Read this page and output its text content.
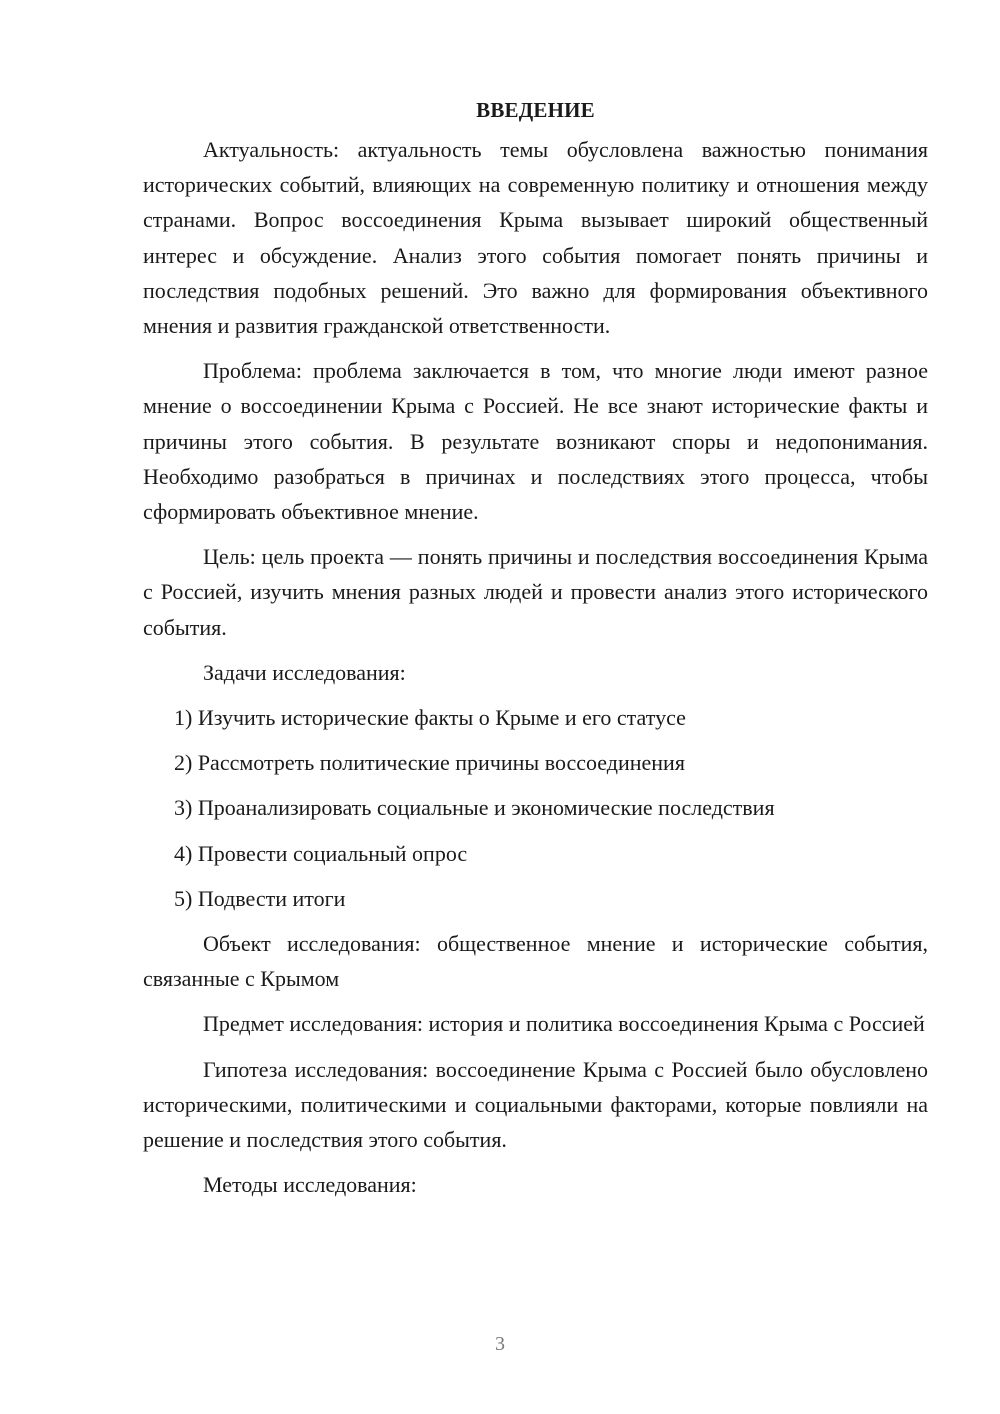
ВВЕДЕНИЕ

Актуальность: актуальность темы обусловлена важностью понимания исторических событий, влияющих на современную политику и отношения между странами. Вопрос воссоединения Крыма вызывает широкий общественный интерес и обсуждение. Анализ этого события помогает понять причины и последствия подобных решений. Это важно для формирования объективного мнения и развития гражданской ответственности.

Проблема: проблема заключается в том, что многие люди имеют разное мнение о воссоединении Крыма с Россией. Не все знают исторические факты и причины этого события. В результате возникают споры и недопонимания. Необходимо разобраться в причинах и последствиях этого процесса, чтобы сформировать объективное мнение.

Цель: цель проекта — понять причины и последствия воссоединения Крыма с Россией, изучить мнения разных людей и провести анализ этого исторического события.

Задачи исследования:

1) Изучить исторические факты о Крыме и его статусе
2) Рассмотреть политические причины воссоединения
3) Проанализировать социальные и экономические последствия
4) Провести социальный опрос
5) Подвести итоги

Объект исследования: общественное мнение и исторические события, связанные с Крымом

Предмет исследования: история и политика воссоединения Крыма с Россией

Гипотеза исследования: воссоединение Крыма с Россией было обусловлено историческими, политическими и социальными факторами, которые повлияли на решение и последствия этого события.

Методы исследования:

3
